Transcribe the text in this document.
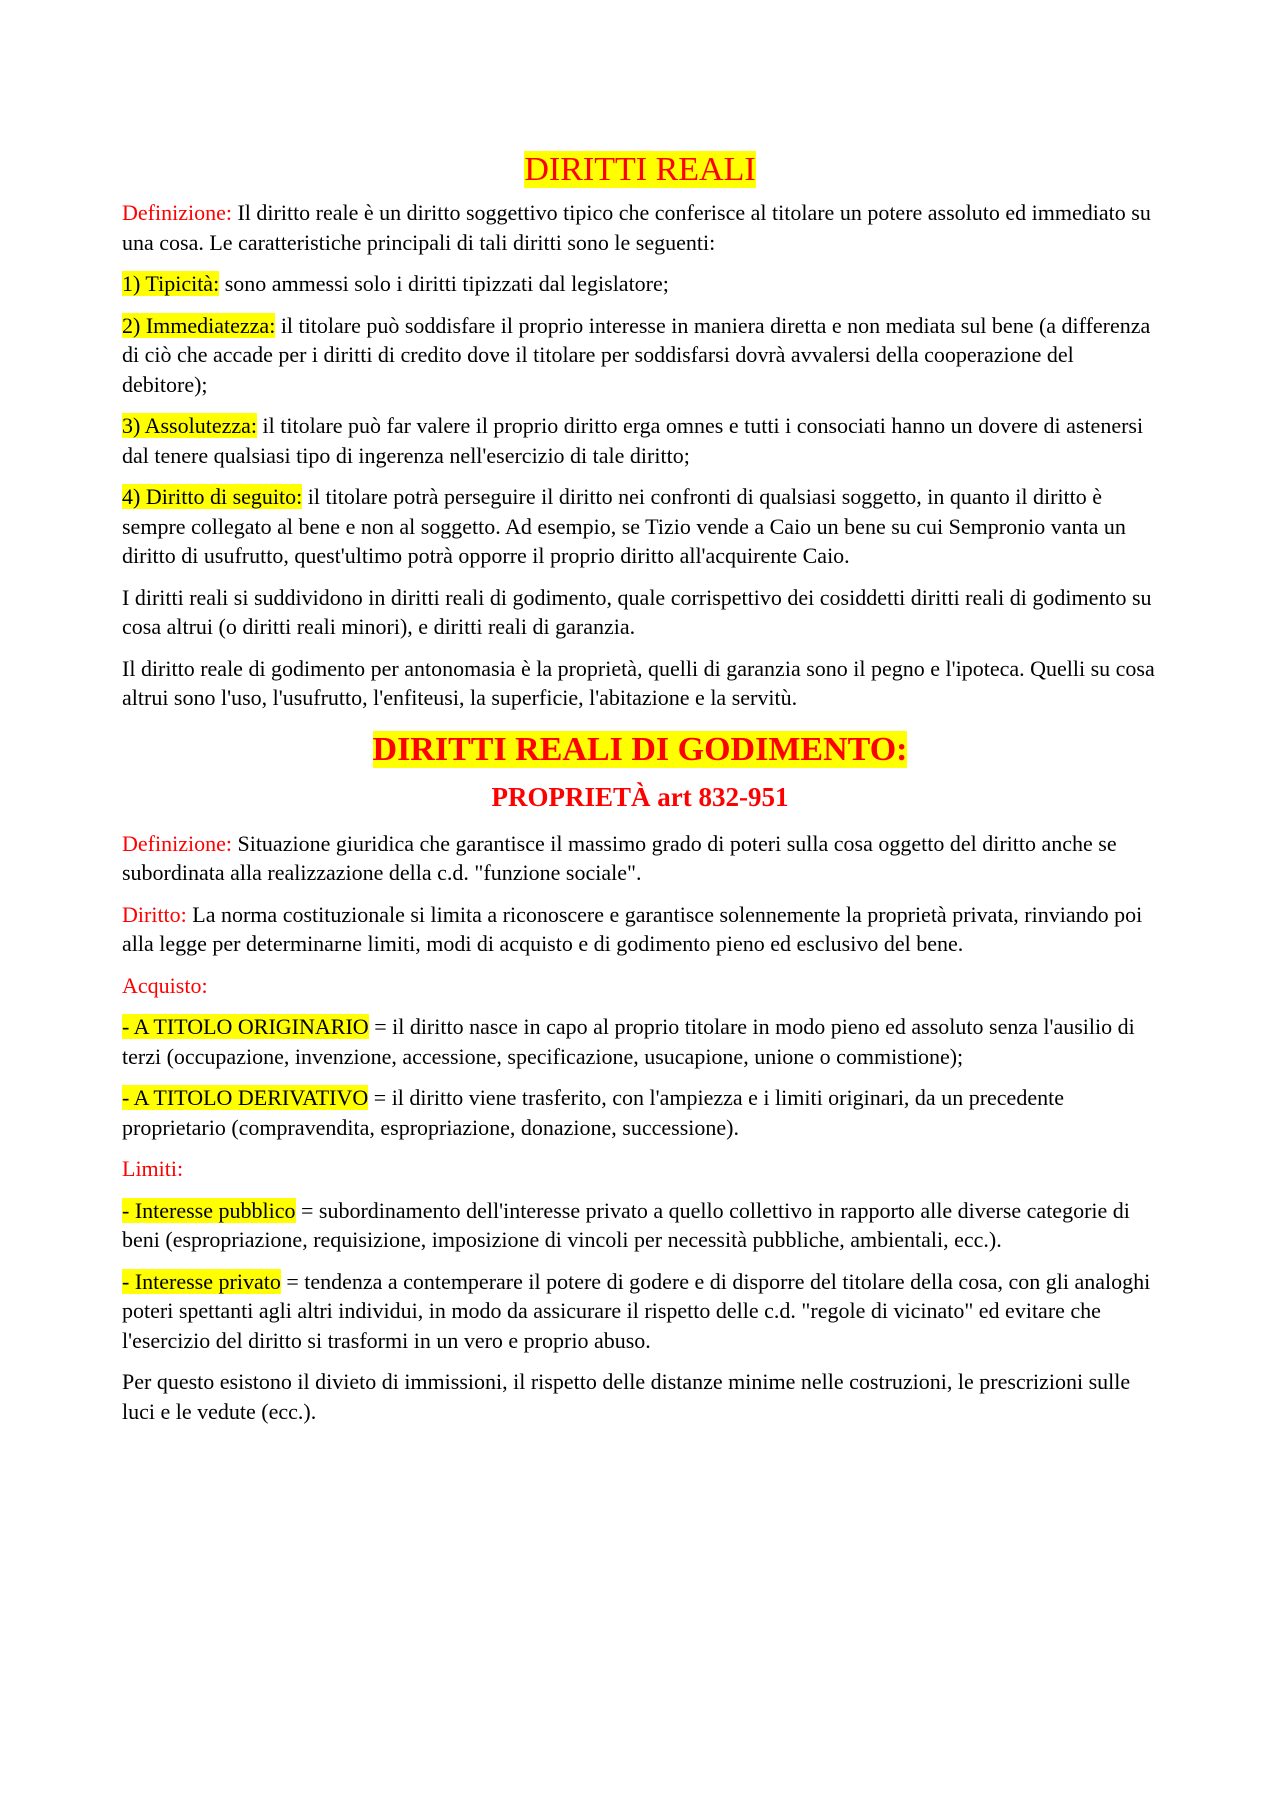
DIRITTI REALI

Definizione: Il diritto reale è un diritto soggettivo tipico che conferisce al titolare un potere assoluto ed immediato su una cosa. Le caratteristiche principali di tali diritti sono le seguenti:

1) Tipicità: sono ammessi solo i diritti tipizzati dal legislatore;

2) Immediatezza: il titolare può soddisfare il proprio interesse in maniera diretta e non mediata sul bene (a differenza di ciò che accade per i diritti di credito dove il titolare per soddisfarsi dovrà avvalersi della cooperazione del debitore);

3) Assolutezza: il titolare può far valere il proprio diritto erga omnes e tutti i consociati hanno un dovere di astenersi dal tenere qualsiasi tipo di ingerenza nell'esercizio di tale diritto;

4) Diritto di seguito: il titolare potrà perseguire il diritto nei confronti di qualsiasi soggetto, in quanto il diritto è sempre collegato al bene e non al soggetto. Ad esempio, se Tizio vende a Caio un bene su cui Sempronio vanta un diritto di usufrutto, quest'ultimo potrà opporre il proprio diritto all'acquirente Caio.

I diritti reali si suddividono in diritti reali di godimento, quale corrispettivo dei cosiddetti diritti reali di godimento su cosa altrui (o diritti reali minori), e diritti reali di garanzia.

Il diritto reale di godimento per antonomasia è la proprietà, quelli di garanzia sono il pegno e l'ipoteca. Quelli su cosa altrui sono l'uso, l'usufrutto, l'enfiteusi, la superficie, l'abitazione e la servitù.

DIRITTI REALI DI GODIMENTO:
PROPRIETÀ art 832-951

Definizione: Situazione giuridica che garantisce il massimo grado di poteri sulla cosa oggetto del diritto anche se subordinata alla realizzazione della c.d. "funzione sociale".

Diritto: La norma costituzionale si limita a riconoscere e garantisce solennemente la proprietà privata, rinviando poi alla legge per determinarne limiti, modi di acquisto e di godimento pieno ed esclusivo del bene.

Acquisto:

- A TITOLO ORIGINARIO = il diritto nasce in capo al proprio titolare in modo pieno ed assoluto senza l'ausilio di terzi (occupazione, invenzione, accessione, specificazione, usucapione, unione o commistione);

- A TITOLO DERIVATIVO = il diritto viene trasferito, con l'ampiezza e i limiti originari, da un precedente proprietario (compravendita, espropriazione, donazione, successione).

Limiti:

- Interesse pubblico = subordinamento dell'interesse privato a quello collettivo in rapporto alle diverse categorie di beni (espropriazione, requisizione, imposizione di vincoli per necessità pubbliche, ambientali, ecc.).

- Interesse privato = tendenza a contemperare il potere di godere e di disporre del titolare della cosa, con gli analoghi poteri spettanti agli altri individui, in modo da assicurare il rispetto delle c.d. "regole di vicinato" ed evitare che l'esercizio del diritto si trasformi in un vero e proprio abuso.

Per questo esistono il divieto di immissioni, il rispetto delle distanze minime nelle costruzioni, le prescrizioni sulle luci e le vedute (ecc.).
